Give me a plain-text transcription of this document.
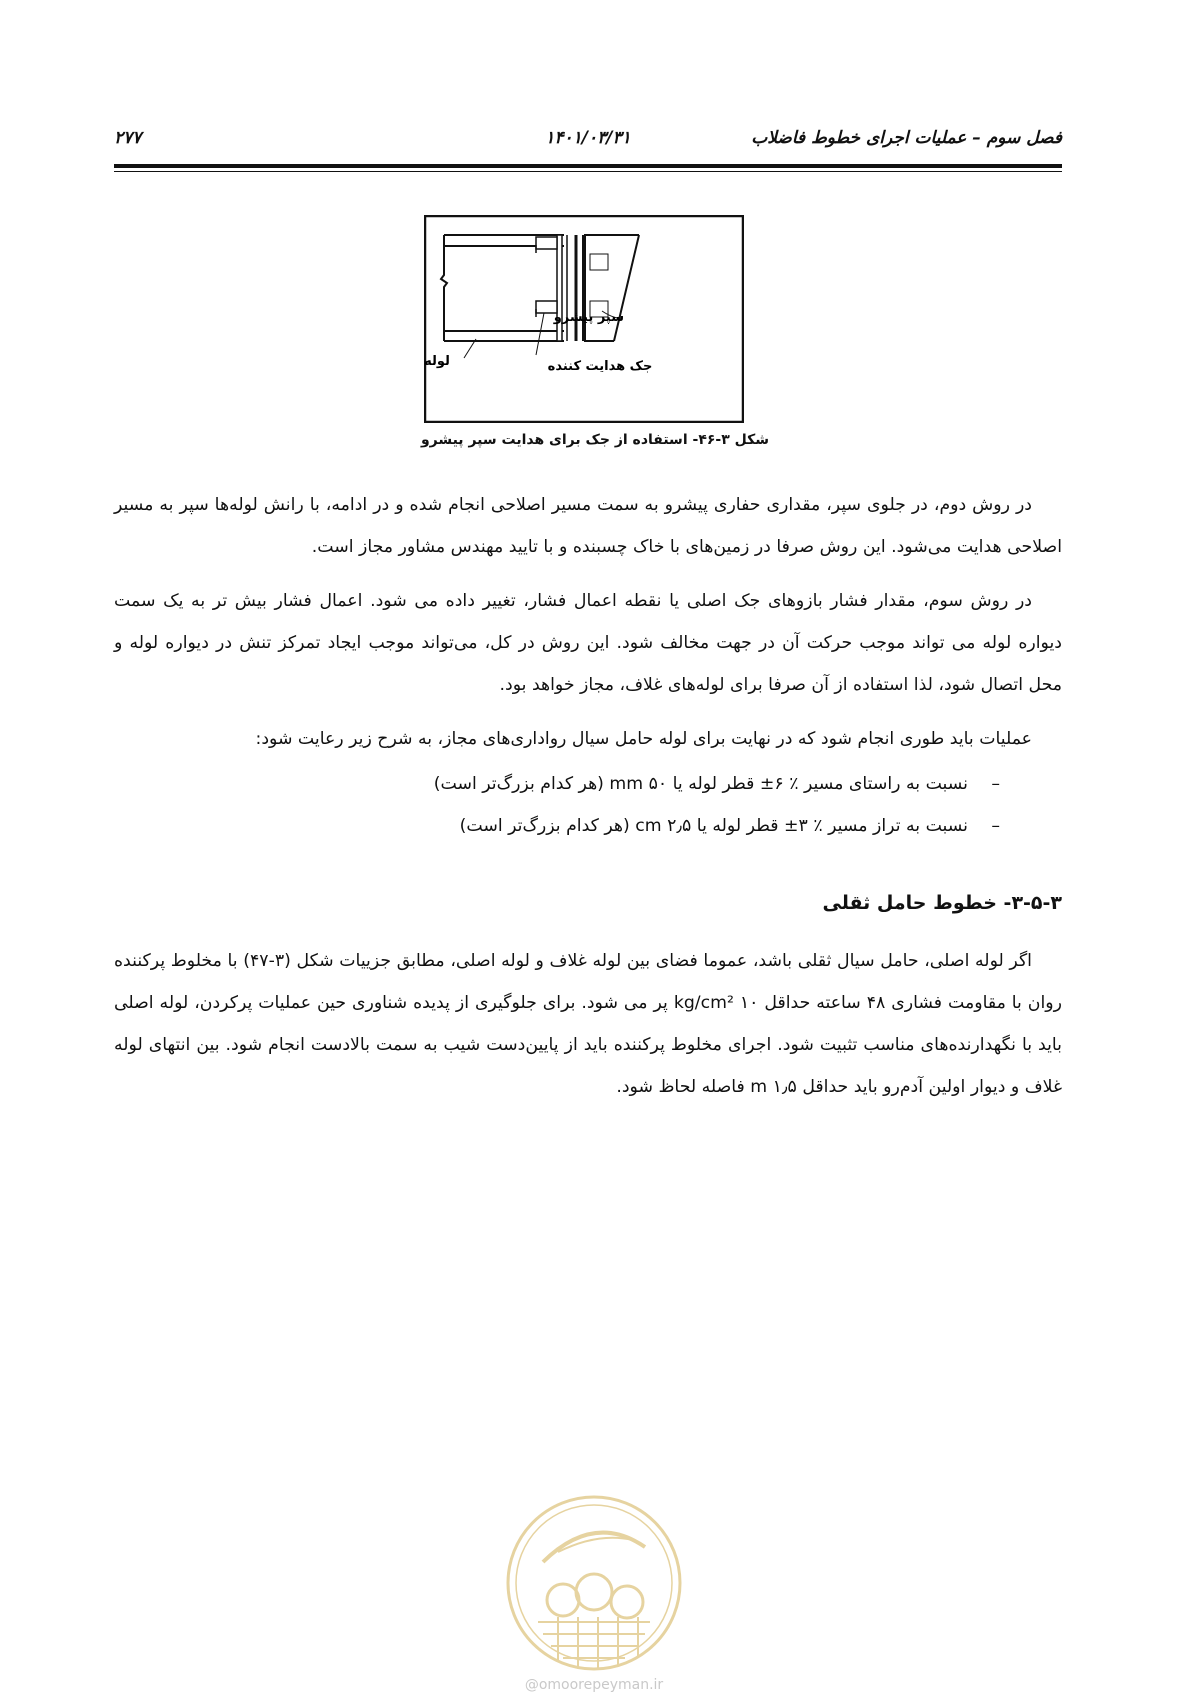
فصل سوم – عملیات اجرای خطوط فاضلاب
۱۴۰۱/۰۳/۳۱
۲۷۷
سپر پیشرو
جک هدایت کننده
لوله
شکل ۳-۴۶- استفاده از جک برای هدایت سپر پیشرو

در روش دوم، در جلوی سپر، مقداری حفاری پیشرو به سمت مسیر اصلاحی انجام شده و در ادامه، با رانش لوله‌ها سپر به مسیر اصلاحی هدایت می‌شود. این روش صرفا در زمین‌های با خاک چسبنده و با تایید مهندس مشاور مجاز است.

در روش سوم، مقدار فشار بازوهای جک اصلی یا نقطه اعمال فشار، تغییر داده می شود. اعمال فشار بیش تر به یک سمت دیواره لوله می تواند موجب حرکت آن در جهت مخالف شود. این روش در کل، می‌تواند موجب ایجاد تمرکز تنش در دیواره لوله و محل اتصال شود، لذا استفاده از آن صرفا برای لوله‌های غلاف، مجاز خواهد بود.

عملیات باید طوری انجام شود که در نهایت برای لوله حامل سیال رواداری‌های مجاز، به شرح زیر رعایت شود:

–
نسبت به راستای مسیر ٪ ۶± قطر لوله یا ۵۰ mm (هر کدام بزرگ‌تر است)
–
نسبت به تراز مسیر ٪ ۳± قطر لوله یا ۲٫۵ cm (هر کدام بزرگ‌تر است)
۳-۵-۳- خطوط حامل ثقلی

اگر لوله اصلی، حامل سیال ثقلی باشد، عموما فضای بین لوله غلاف و لوله اصلی، مطابق جزییات شکل (۳-۴۷) با مخلوط پرکننده روان با مقاومت فشاری ۴۸ ساعته حداقل ۱۰ kg/cm² پر می شود. برای جلوگیری از پدیده شناوری حین عملیات پرکردن، لوله اصلی باید با نگهدارنده‌های مناسب تثبیت شود. اجرای مخلوط پرکننده باید از پایین‌دست شیب به سمت بالادست انجام شود. بین انتهای لوله غلاف و دیوار اولین آدم‌رو باید حداقل ۱٫۵ m فاصله لحاظ شود.

@omoorepeyman.ir
